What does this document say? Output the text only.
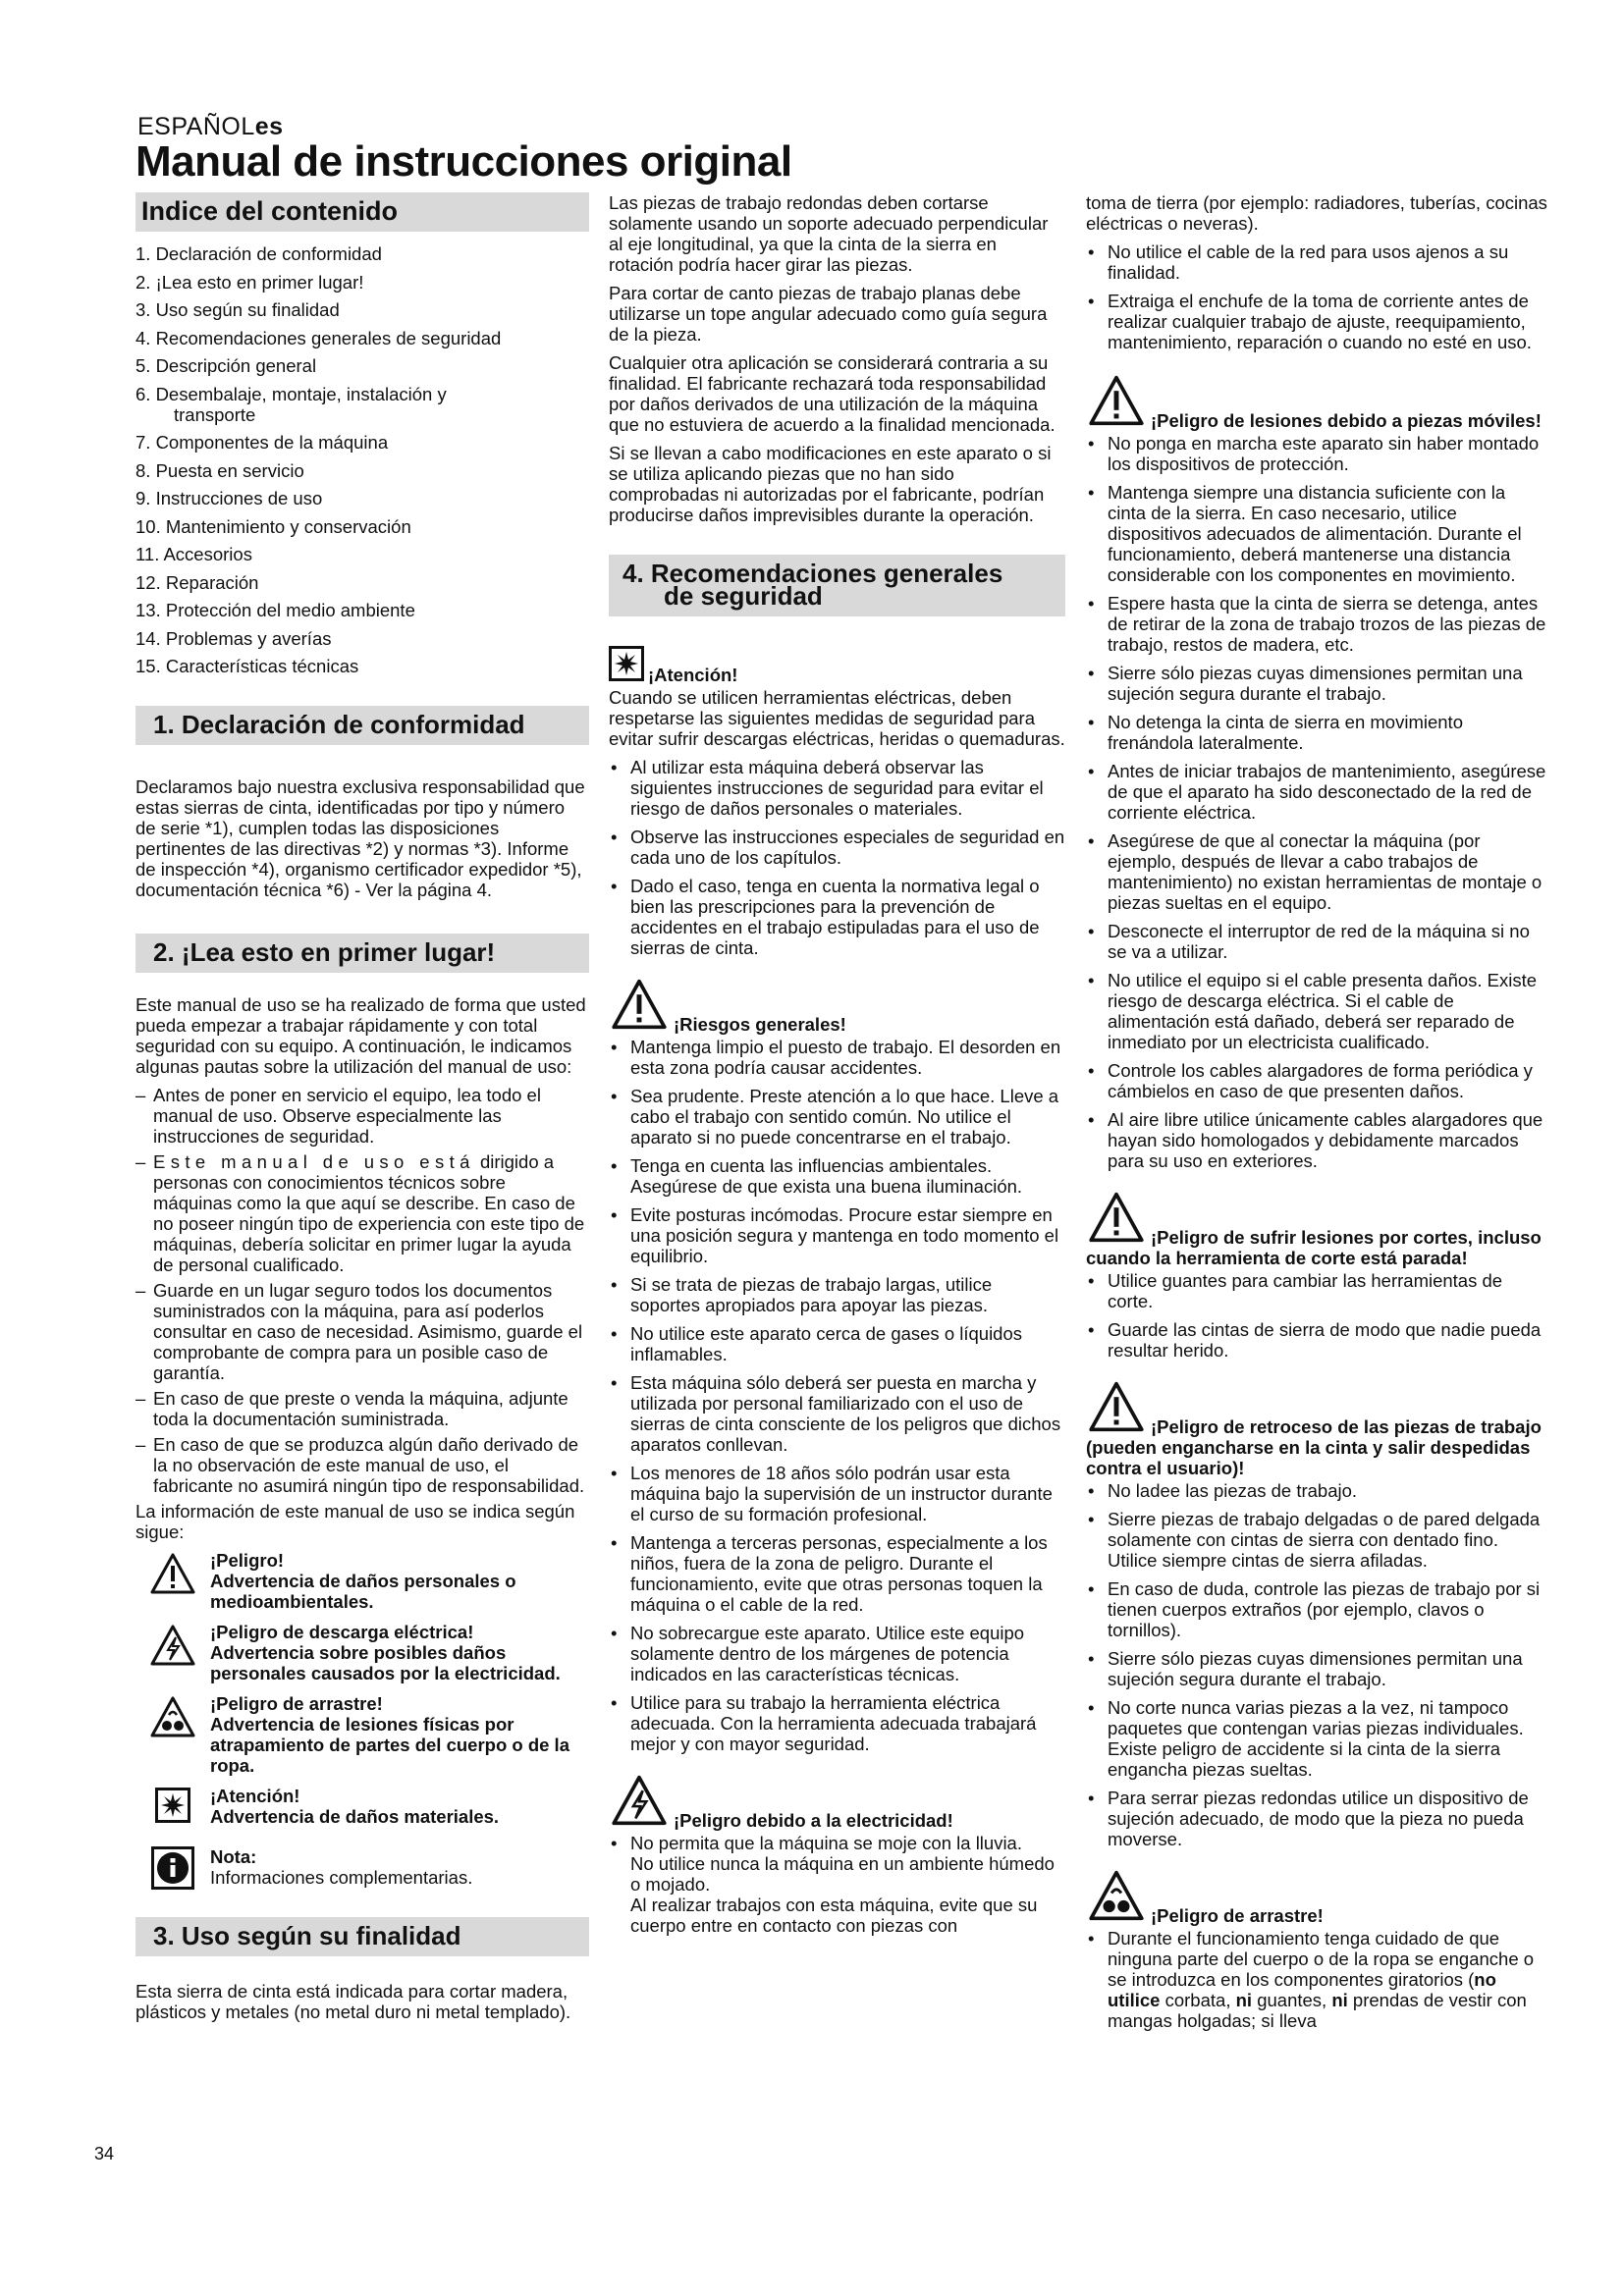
ESPAÑOLes
Manual de instrucciones original
Indice del contenido
1. Declaración de conformidad
2. ¡Lea esto en primer lugar!
3. Uso según su finalidad
4. Recomendaciones generales de seguridad
5. Descripción general
6. Desembalaje, montaje, instalación y
transporte
7. Componentes de la máquina
8. Puesta en servicio
9. Instrucciones de uso
10. Mantenimiento y conservación
11. Accesorios
12. Reparación
13. Protección del medio ambiente
14. Problemas y averías
15. Características técnicas
1. Declaración de conformidad

Declaramos bajo nuestra exclusiva responsabilidad que estas sierras de cinta, identificadas por tipo y número de serie *1), cumplen todas las disposiciones pertinentes de las directivas *2) y normas *3). Informe de inspección *4), organismo certificador expedidor *5), documentación técnica *6) - Ver la página 4.

2. ¡Lea esto en primer lugar!

Este manual de uso se ha realizado de forma que usted pueda empezar a trabajar rápidamente y con total seguridad con su equipo. A continuación, le indicamos algunas pautas sobre la utilización del manual de uso:

– Antes de poner en servicio el equipo, lea todo el manual de uso. Observe especialmente las instrucciones de seguridad.
– Este manual de uso está dirigido a personas con conocimientos técnicos sobre máquinas como la que aquí se describe. En caso de no poseer ningún tipo de experiencia con este tipo de máquinas, debería solicitar en primer lugar la ayuda de personal cualificado.
– Guarde en un lugar seguro todos los documentos suministrados con la máquina, para así poderlos consultar en caso de necesidad. Asimismo, guarde el comprobante de compra para un posible caso de garantía.
– En caso de que preste o venda la máquina, adjunte toda la documentación suministrada.
– En caso de que se produzca algún daño derivado de la no observación de este manual de uso, el fabricante no asumirá ningún tipo de responsabilidad.

La información de este manual de uso se indica según sigue:

¡Peligro!
Advertencia de daños personales o medioambientales.
¡Peligro de descarga eléctrica!
Advertencia sobre posibles daños personales causados por la electricidad.
¡Peligro de arrastre!
Advertencia de lesiones físicas por atrapamiento de partes del cuerpo o de la ropa.
¡Atención!
Advertencia de daños materiales.
Nota:
Informaciones complementarias.
3. Uso según su finalidad

Esta sierra de cinta está indicada para cortar madera, plásticos y metales (no metal duro ni metal templado).

Las piezas de trabajo redondas deben cortarse solamente usando un soporte adecuado perpendicular al eje longitudinal, ya que la cinta de la sierra en rotación podría hacer girar las piezas.

Para cortar de canto piezas de trabajo planas debe utilizarse un tope angular adecuado como guía segura de la pieza.

Cualquier otra aplicación se considerará contraria a su finalidad. El fabricante rechazará toda responsabilidad por daños derivados de una utilización de la máquina que no estuviera de acuerdo a la finalidad mencionada.

Si se llevan a cabo modificaciones en este aparato o si se utiliza aplicando piezas que no han sido comprobadas ni autorizadas por el fabricante, podrían producirse daños imprevisibles durante la operación.

4. Recomendaciones generales
de seguridad
¡Atención!

Cuando se utilicen herramientas eléctricas, deben respetarse las siguientes medidas de seguridad para evitar sufrir descargas eléctricas, heridas o quemaduras.

• Al utilizar esta máquina deberá observar las siguientes instrucciones de seguridad para evitar el riesgo de daños personales o materiales.
• Observe las instrucciones especiales de seguridad en cada uno de los capítulos.
• Dado el caso, tenga en cuenta la normativa legal o bien las prescripciones para la prevención de accidentes en el trabajo estipuladas para el uso de sierras de cinta.
¡Riesgos generales!
• Mantenga limpio el puesto de trabajo. El desorden en esta zona podría causar accidentes.
• Sea prudente. Preste atención a lo que hace. Lleve a cabo el trabajo con sentido común. No utilice el aparato si no puede concentrarse en el trabajo.
• Tenga en cuenta las influencias ambientales. Asegúrese de que exista una buena iluminación.
• Evite posturas incómodas. Procure estar siempre en una posición segura y mantenga en todo momento el equilibrio.
• Si se trata de piezas de trabajo largas, utilice soportes apropiados para apoyar las piezas.
• No utilice este aparato cerca de gases o líquidos inflamables.
• Esta máquina sólo deberá ser puesta en marcha y utilizada por personal familiarizado con el uso de sierras de cinta consciente de los peligros que dichos aparatos conllevan.
• Los menores de 18 años sólo podrán usar esta máquina bajo la supervisión de un instructor durante el curso de su formación profesional.
• Mantenga a terceras personas, especialmente a los niños, fuera de la zona de peligro. Durante el funcionamiento, evite que otras personas toquen la máquina o el cable de la red.
• No sobrecargue este aparato. Utilice este equipo solamente dentro de los márgenes de potencia indicados en las características técnicas.
• Utilice para su trabajo la herramienta eléctrica adecuada. Con la herramienta adecuada trabajará mejor y con mayor seguridad.
¡Peligro debido a la electricidad!
• No permita que la máquina se moje con la lluvia.
No utilice nunca la máquina en un ambiente húmedo o mojado.
Al realizar trabajos con esta máquina, evite que su cuerpo entre en contacto con piezas con

toma de tierra (por ejemplo: radiadores, tuberías, cocinas eléctricas o neveras).

• No utilice el cable de la red para usos ajenos a su finalidad.
• Extraiga el enchufe de la toma de corriente antes de realizar cualquier trabajo de ajuste, reequipamiento, mantenimiento, reparación o cuando no esté en uso.
¡Peligro de lesiones debido a piezas móviles!
• No ponga en marcha este aparato sin haber montado los dispositivos de protección.
• Mantenga siempre una distancia suficiente con la cinta de la sierra. En caso necesario, utilice dispositivos adecuados de alimentación. Durante el funcionamiento, deberá mantenerse una distancia considerable con los componentes en movimiento.
• Espere hasta que la cinta de sierra se detenga, antes de retirar de la zona de trabajo trozos de las piezas de trabajo, restos de madera, etc.
• Sierre sólo piezas cuyas dimensiones permitan una sujeción segura durante el trabajo.
• No detenga la cinta de sierra en movimiento frenándola lateralmente.
• Antes de iniciar trabajos de mantenimiento, asegúrese de que el aparato ha sido desconectado de la red de corriente eléctrica.
• Asegúrese de que al conectar la máquina (por ejemplo, después de llevar a cabo trabajos de mantenimiento) no existan herramientas de montaje o piezas sueltas en el equipo.
• Desconecte el interruptor de red de la máquina si no se va a utilizar.
• No utilice el equipo si el cable presenta daños. Existe riesgo de descarga eléctrica. Si el cable de alimentación está dañado, deberá ser reparado de inmediato por un electricista cualificado.
• Controle los cables alargadores de forma periódica y cámbielos en caso de que presenten daños.
• Al aire libre utilice únicamente cables alargadores que hayan sido homologados y debidamente marcados para su uso en exteriores.
¡Peligro de sufrir lesiones por cortes, incluso cuando la herramienta de corte está parada!
• Utilice guantes para cambiar las herramientas de corte.
• Guarde las cintas de sierra de modo que nadie pueda resultar herido.
¡Peligro de retroceso de las piezas de trabajo (pueden engancharse en la cinta y salir despedidas contra el usuario)!
• No ladee las piezas de trabajo.
• Sierre piezas de trabajo delgadas o de pared delgada solamente con cintas de sierra con dentado fino. Utilice siempre cintas de sierra afiladas.
• En caso de duda, controle las piezas de trabajo por si tienen cuerpos extraños (por ejemplo, clavos o tornillos).
• Sierre sólo piezas cuyas dimensiones permitan una sujeción segura durante el trabajo.
• No corte nunca varias piezas a la vez, ni tampoco paquetes que contengan varias piezas individuales. Existe peligro de accidente si la cinta de la sierra engancha piezas sueltas.
• Para serrar piezas redondas utilice un dispositivo de sujeción adecuado, de modo que la pieza no pueda moverse.
¡Peligro de arrastre!
• Durante el funcionamiento tenga cuidado de que ninguna parte del cuerpo o de la ropa se enganche o se introduzca en los componentes giratorios (no utilice corbata, ni guantes, ni prendas de vestir con mangas holgadas; si lleva
34
